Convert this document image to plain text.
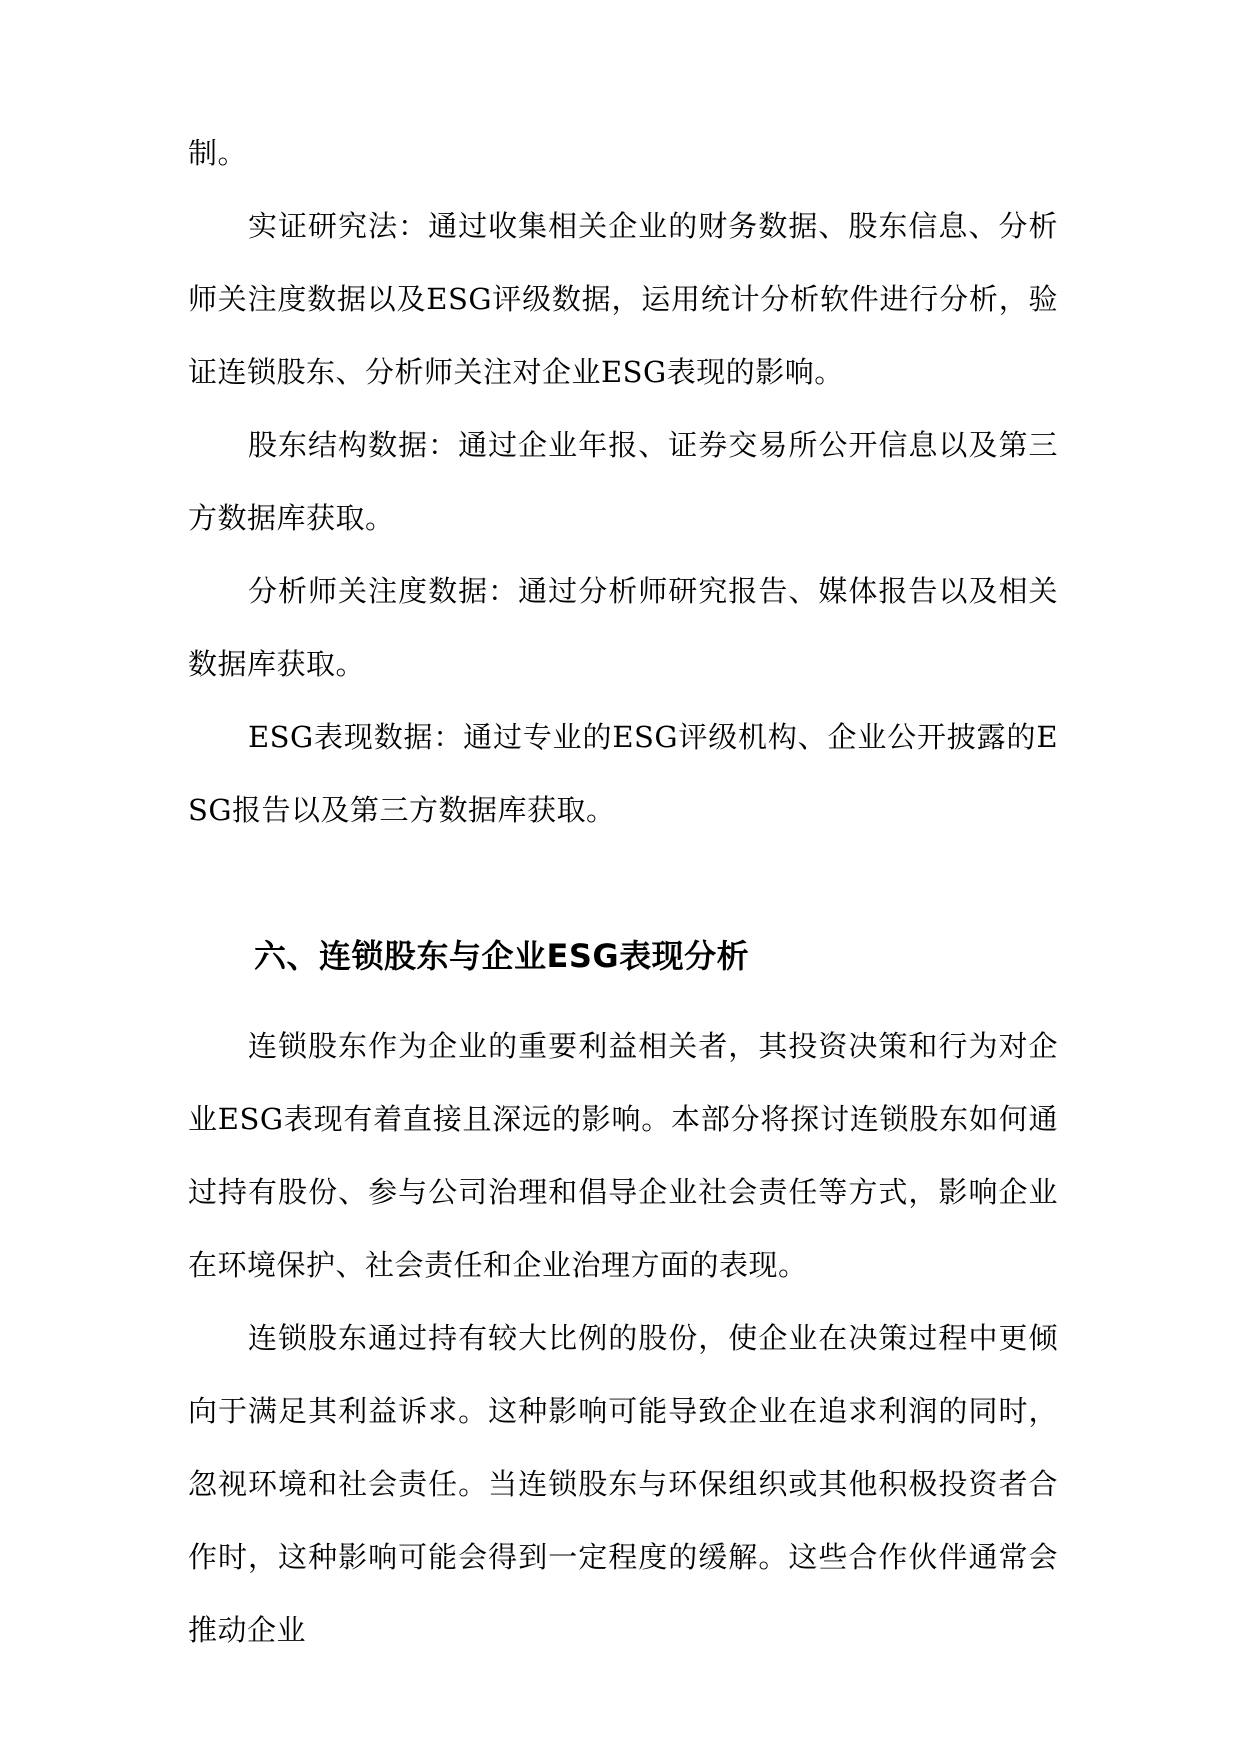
制。

实证研究法：通过收集相关企业的财务数据、股东信息、分析师关注度数据以及ESG评级数据，运用统计分析软件进行分析，验证连锁股东、分析师关注对企业ESG表现的影响。

股东结构数据：通过企业年报、证券交易所公开信息以及第三方数据库获取。

分析师关注度数据：通过分析师研究报告、媒体报告以及相关数据库获取。

ESG表现数据：通过专业的ESG评级机构、企业公开披露的ESG报告以及第三方数据库获取。

六、连锁股东与企业ESG表现分析

连锁股东作为企业的重要利益相关者，其投资决策和行为对企业ESG表现有着直接且深远的影响。本部分将探讨连锁股东如何通过持有股份、参与公司治理和倡导企业社会责任等方式，影响企业在环境保护、社会责任和企业治理方面的表现。

连锁股东通过持有较大比例的股份，使企业在决策过程中更倾向于满足其利益诉求。这种影响可能导致企业在追求利润的同时，忽视环境和社会责任。当连锁股东与环保组织或其他积极投资者合作时，这种影响可能会得到一定程度的缓解。这些合作伙伴通常会推动企业
